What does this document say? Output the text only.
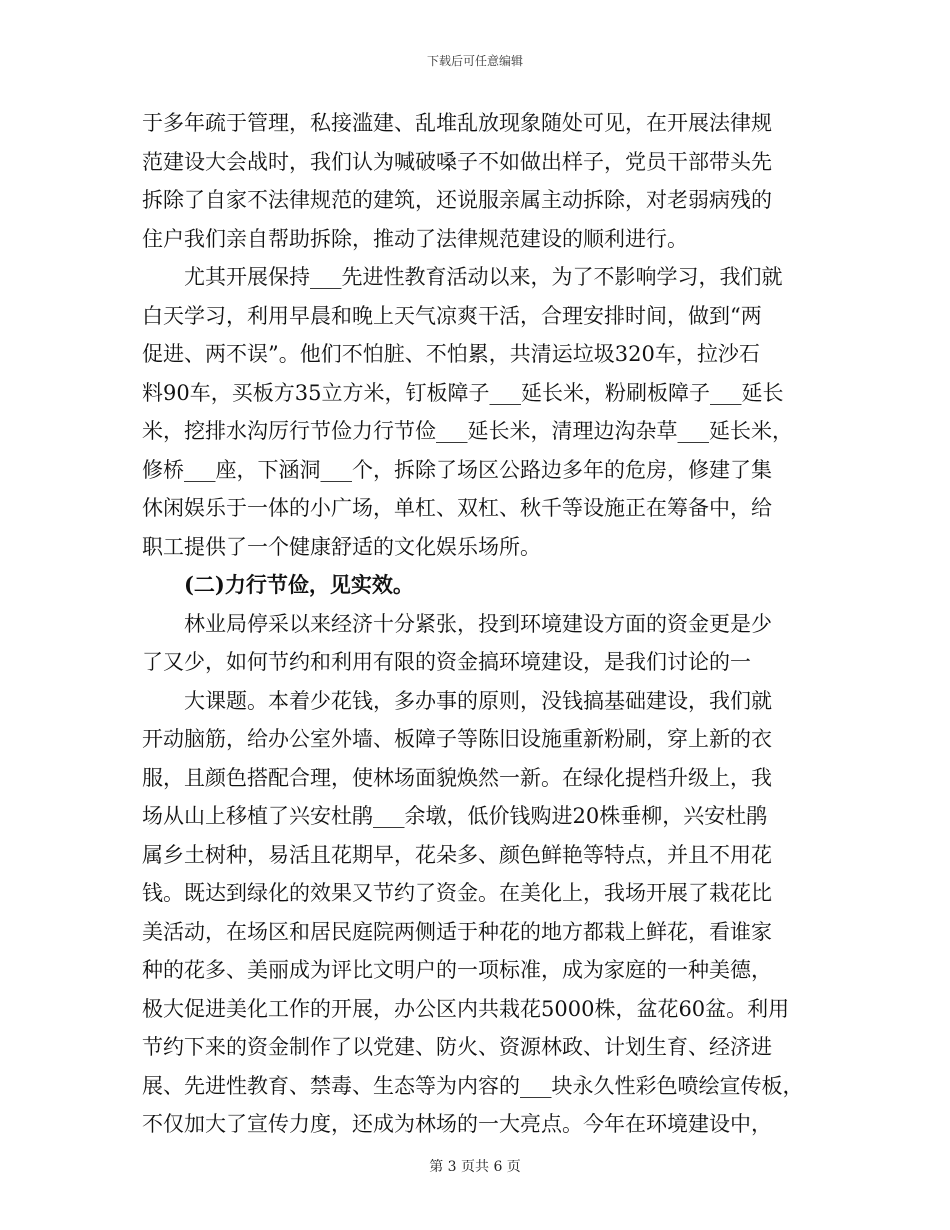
下载后可任意编辑
于多年疏于管理，私接滥建、乱堆乱放现象随处可见，在开展法律规
范建设大会战时，我们认为喊破嗓子不如做出样子，党员干部带头先
拆除了自家不法律规范的建筑，还说服亲属主动拆除，对老弱病残的
住户我们亲自帮助拆除，推动了法律规范建设的顺利进行。
尤其开展保持___先进性教育活动以来，为了不影响学习，我们就
白天学习，利用早晨和晚上天气凉爽干活，合理安排时间，做到“两
促进、两不误”。他们不怕脏、不怕累，共清运垃圾320车，拉沙石
料90车，买板方35立方米，钉板障子___延长米，粉刷板障子___延长
米，挖排水沟厉行节俭力行节俭___延长米，清理边沟杂草___延长米，
修桥___座，下涵洞___个，拆除了场区公路边多年的危房，修建了集
休闲娱乐于一体的小广场，单杠、双杠、秋千等设施正在筹备中，给
职工提供了一个健康舒适的文化娱乐场所。
(二)力行节俭，见实效。
林业局停采以来经济十分紧张，投到环境建设方面的资金更是少
了又少，如何节约和利用有限的资金搞环境建设，是我们讨论的一
大课题。本着少花钱，多办事的原则，没钱搞基础建设，我们就
开动脑筋，给办公室外墙、板障子等陈旧设施重新粉刷，穿上新的衣
服，且颜色搭配合理，使林场面貌焕然一新。在绿化提档升级上，我
场从山上移植了兴安杜鹃___余墩，低价钱购进20株垂柳，兴安杜鹃
属乡土树种，易活且花期早，花朵多、颜色鲜艳等特点，并且不用花
钱。既达到绿化的效果又节约了资金。在美化上，我场开展了栽花比
美活动，在场区和居民庭院两侧适于种花的地方都栽上鲜花，看谁家
种的花多、美丽成为评比文明户的一项标准，成为家庭的一种美德，
极大促进美化工作的开展，办公区内共栽花5000株，盆花60盆。利用
节约下来的资金制作了以党建、防火、资源林政、计划生育、经济进
展、先进性教育、禁毒、生态等为内容的___块永久性彩色喷绘宣传板，
不仅加大了宣传力度，还成为林场的一大亮点。今年在环境建设中，
第 3 页共 6 页
